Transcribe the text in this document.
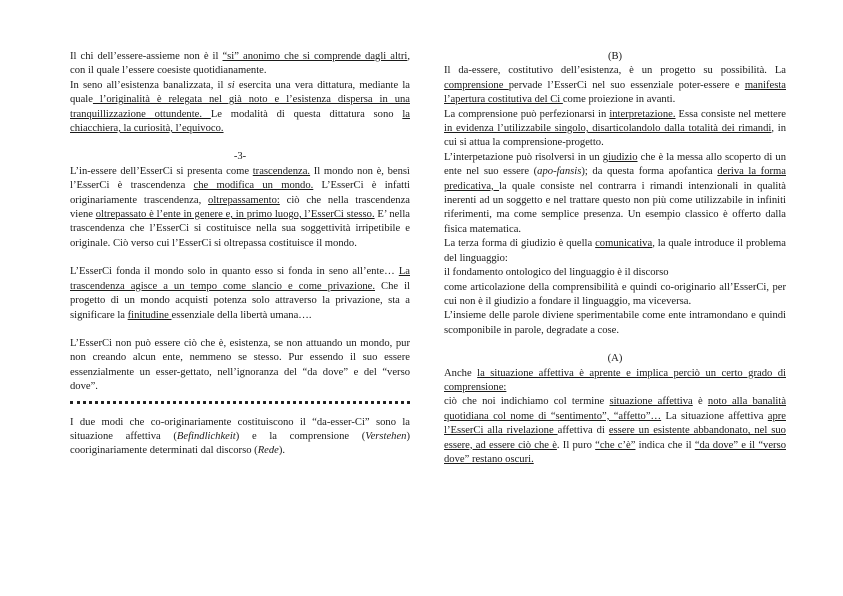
Il chi dell’essere-assieme non è il “si” anonimo che si comprende dagli altri, con il quale l’essere coesiste quotidianamente.

In seno all’esistenza banalizzata, il si esercita una vera dittatura, mediante la quale l’originalità è relegata nel già noto e l’esistenza dispersa in una tranquillizzazione ottundente. Le modalità di questa dittatura sono la chiacchiera, la curiosità, l’equivoco.

-3-

L’in-essere dell’EsserCi si presenta come trascendenza. Il mondo non è, bensì l’EsserCi è trascendenza che modifica un mondo. L’EsserCi è infatti originariamente trascendenza, oltrepassamento: ciò che nella trascendenza viene oltrepassato è l’ente in genere e, in primo luogo, l’EsserCi stesso. E’ nella trascendenza che l’EsserCi si costituisce nella sua soggettività irripetibile e originale. Ciò verso cui l’EsserCi si oltrepassa costituisce il mondo.

L’EsserCi fonda il mondo solo in quanto esso si fonda in seno all’ente… La trascendenza agisce a un tempo come slancio e come privazione. Che il progetto di un mondo acquisti potenza solo attraverso la privazione, sta a significare la finitudine essenziale della libertà umana….

L’EsserCi non può essere ciò che è, esistenza, se non attuando un mondo, pur non creando alcun ente, nemmeno se stesso. Pur essendo il suo essere essenzialmente un esser-gettato, nell’ignoranza del “da dove” e del “verso dove”.

I due modi che co-originariamente costituiscono il “da-esser-Ci” sono la situazione affettiva (Befindlichkeit) e la comprensione (Verstehen) cooriginariamente determinati dal discorso (Rede).

(B)

Il da-essere, costitutivo dell’esistenza, è un progetto su possibilità. La comprensione pervade l’EsserCi nel suo essenziale poter-essere e manifesta l’apertura costitutiva del Ci come proiezione in avanti.

La comprensione può perfezionarsi in interpretazione. Essa consiste nel mettere in evidenza l’utilizzabile singolo, disarticolandolo dalla totalità dei rimandi, in cui si attua la comprensione-progetto.

L’interpetazione può risolversi in un giudizio che è la messa allo scoperto di un ente nel suo essere (apo-fansis); da questa forma apofantica deriva la forma predicativa, la quale consiste nel contrarra i rimandi intenzionali in qualità inerenti ad un soggetto e nel trattare questo non più come utilizzabile in infiniti riferimenti, ma come semplice presenza. Un esempio classico è offerto dalla fisica matematica.

La terza forma di giudizio è quella comunicativa, la quale introduce il problema del linguaggio:

il fondamento ontologico del linguaggio è il discorso

come articolazione della comprensibilità e quindi co-originario all’EsserCi, per cui non è il giudizio a fondare il linguaggio, ma viceversa.

L’insieme delle parole diviene sperimentabile come ente intramondano e quindi scomponibile in parole, degradate a cose.

(A)

Anche la situazione affettiva è aprente e implica perciò un certo grado di comprensione:

ciò che noi indichiamo col termine situazione affettiva è noto alla banalità quotidiana col nome di “sentimento”, “affetto”… La situazione affettiva apre l’EsserCi alla rivelazione affettiva di essere un esistente abbandonato, nel suo essere, ad essere ciò che è. Il puro “che c’è” indica che il “da dove” e il “verso dove” restano oscuri.
